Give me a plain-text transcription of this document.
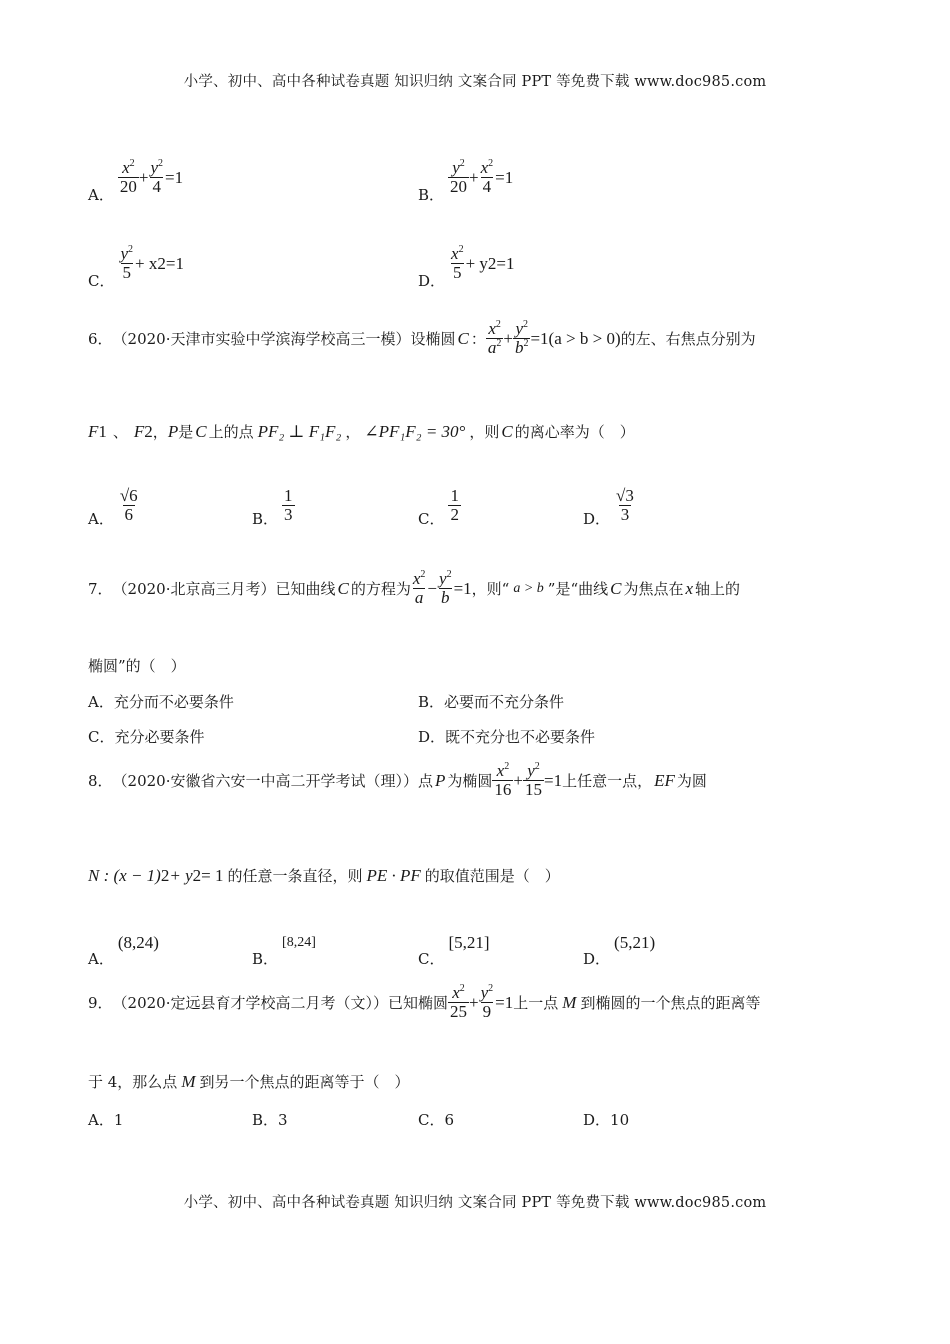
小学、初中、高中各种试卷真题 知识归纳 文案合同 PPT 等免费下载 www.doc985.com
A． $\frac{x^2}{20} + \frac{y^2}{4} =1$
B． $\frac{y^2}{20} + \frac{x^2}{4} =1$
C． $\frac{y^2}{5} + x$ 2 =1
D． $\frac{x^2}{5} + y$ 2 =1
6． （2020·天津市实验中学滨海学校高三一模） 设椭圆 C ： $\frac{x^2}{a^2} + \frac{y^2}{b^2} =1(a > b > 0)$ 的左、右焦点分别为
F 1 、 F 2 ， P 是 C 上的点 PF₂ ⊥ F₁F₂ ， ∠PF₁F₂ = 30° ，则 C 的离心率为（　）
A． $\frac{√6}{6}$	B． $\frac{1}{3}$	C． $\frac{1}{2}$	D． $\frac{√3}{3}$
7． （2020·北京高三月考） 已知曲线 C 的方程为 $\frac{x^2}{a} - \frac{y^2}{b} =1$ ，则“ a > b ”是“曲线 C 为焦点在 x 轴上的
椭圆”的（　）
A．充分而不必要条件	B．必要而不充分条件
C．充分必要条件	D．既不充分也不必要条件
8． （2020·安徽省六安一中高二开学考试（理）） 点 P 为椭圆 $\frac{x^2}{16} + \frac{y^2}{15} =1$ 上任意一点， EF 为圆
N : (x − 1) 2 + y 2 = 1 的任意一条直径，则 PE · PF 的取值范围是（　）
A．
(8,24)
B．
[8,24]
C．
[5,21]
D．
(5,21)
9． （2020·定远县育才学校高二月考（文）） 已知椭圆 $\frac{x^2}{25} + \frac{y^2}{9} =1$ 上一点 M 到椭圆的一个焦点的距离等
于 4，那么点 M 到另一个焦点的距离等于（　）
A．1	B．3	C．6	D．10
小学、初中、高中各种试卷真题 知识归纳 文案合同 PPT 等免费下载 www.doc985.com
